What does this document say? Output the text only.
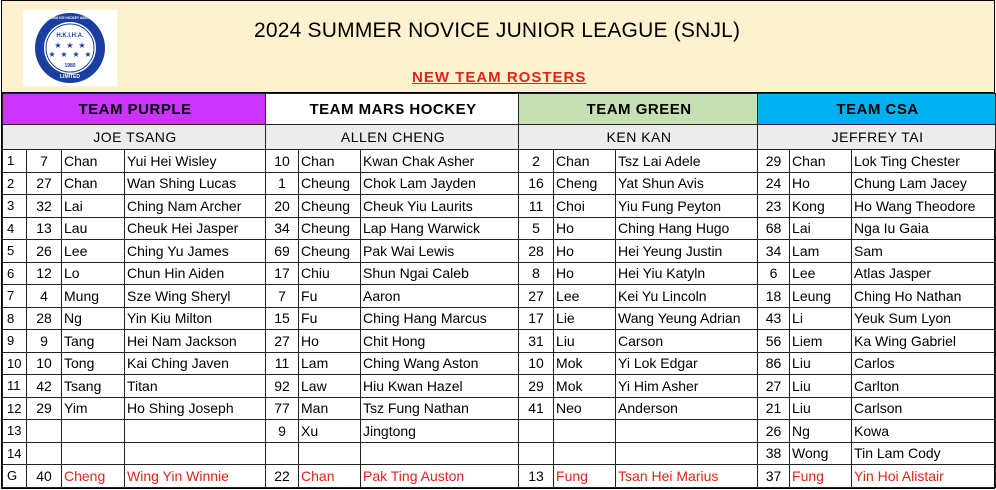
H.K.I.H.A.
★ ★ ★
★ ★ ★ ★
1980
LIMITED
HONG KONG ICE HOCKEY ASSOCIATION
2024 SUMMER NOVICE JUNIOR LEAGUE (SNJL)
NEW TEAM ROSTERS
TEAM PURPLE				TEAM MARS HOCKEY			TEAM GREEN			TEAM CSA		
JOE TSANG				ALLEN CHENG			KEN KAN			JEFFREY TAI		
1	7	Chan	Yui Hei Wisley	10	Chan	Kwan Chak Asher	2	Chan	Tsz Lai Adele	29	Chan	Lok Ting Chester
2	27	Chan	Wan Shing Lucas	1	Cheung	Chok Lam Jayden	16	Cheng	Yat Shun Avis	24	Ho	Chung Lam Jacey
3	32	Lai	Ching Nam Archer	20	Cheung	Cheuk Yiu Laurits	11	Choi	Yiu Fung Peyton	23	Kong	Ho Wang Theodore
4	13	Lau	Cheuk Hei Jasper	34	Cheung	Lap Hang Warwick	5	Ho	Ching Hang Hugo	68	Lai	Nga Iu Gaia
5	26	Lee	Ching Yu James	69	Cheung	Pak Wai Lewis	28	Ho	Hei Yeung Justin	34	Lam	Sam
6	12	Lo	Chun Hin Aiden	17	Chiu	Shun Ngai Caleb	8	Ho	Hei Yiu Katyln	6	Lee	Atlas Jasper
7	4	Mung	Sze Wing Sheryl	7	Fu	Aaron	27	Lee	Kei Yu Lincoln	18	Leung	Ching Ho Nathan
8	28	Ng	Yin Kiu Milton	15	Fu	Ching Hang Marcus	17	Lie	Wang Yeung Adrian	43	Li	Yeuk Sum Lyon
9	9	Tang	Hei Nam Jackson	27	Ho	Chit Hong	31	Liu	Carson	56	Liem	Ka Wing Gabriel
10	10	Tong	Kai Ching Javen	11	Lam	Ching Wang Aston	10	Mok	Yi Lok Edgar	86	Liu	Carlos
11	42	Tsang	Titan	92	Law	Hiu Kwan Hazel	29	Mok	Yi Him Asher	27	Liu	Carlton
12	29	Yim	Ho Shing Joseph	77	Man	Tsz Fung Nathan	41	Neo	Anderson	21	Liu	Carlson
13				9	Xu	Jingtong				26	Ng	Kowa
14										38	Wong	Tin Lam Cody
G	40	Cheng	Wing Yin Winnie	22	Chan	Pak Ting Auston	13	Fung	Tsan Hei Marius	37	Fung	Yin Hoi Alistair
